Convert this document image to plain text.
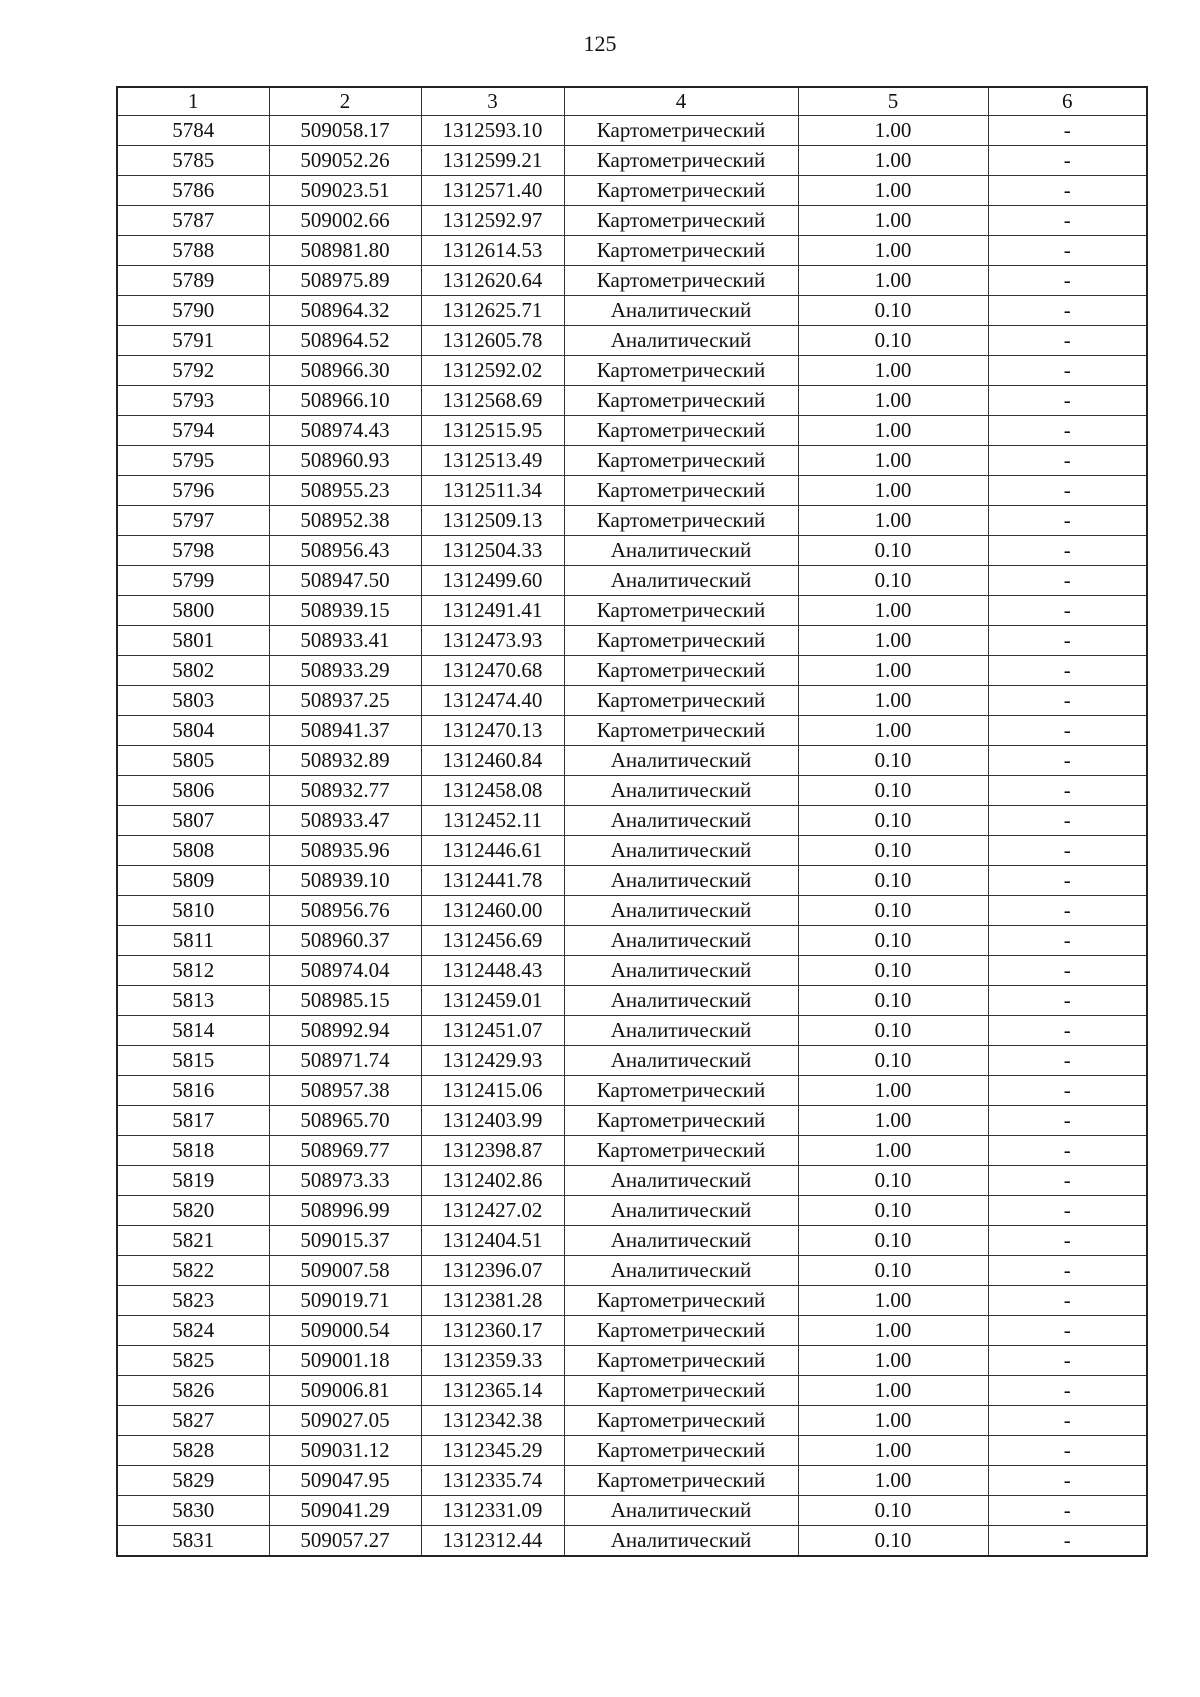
125
1	2	3	4	5	6
5784	509058.17	1312593.10	Картометрический	1.00	-
5785	509052.26	1312599.21	Картометрический	1.00	-
5786	509023.51	1312571.40	Картометрический	1.00	-
5787	509002.66	1312592.97	Картометрический	1.00	-
5788	508981.80	1312614.53	Картометрический	1.00	-
5789	508975.89	1312620.64	Картометрический	1.00	-
5790	508964.32	1312625.71	Аналитический	0.10	-
5791	508964.52	1312605.78	Аналитический	0.10	-
5792	508966.30	1312592.02	Картометрический	1.00	-
5793	508966.10	1312568.69	Картометрический	1.00	-
5794	508974.43	1312515.95	Картометрический	1.00	-
5795	508960.93	1312513.49	Картометрический	1.00	-
5796	508955.23	1312511.34	Картометрический	1.00	-
5797	508952.38	1312509.13	Картометрический	1.00	-
5798	508956.43	1312504.33	Аналитический	0.10	-
5799	508947.50	1312499.60	Аналитический	0.10	-
5800	508939.15	1312491.41	Картометрический	1.00	-
5801	508933.41	1312473.93	Картометрический	1.00	-
5802	508933.29	1312470.68	Картометрический	1.00	-
5803	508937.25	1312474.40	Картометрический	1.00	-
5804	508941.37	1312470.13	Картометрический	1.00	-
5805	508932.89	1312460.84	Аналитический	0.10	-
5806	508932.77	1312458.08	Аналитический	0.10	-
5807	508933.47	1312452.11	Аналитический	0.10	-
5808	508935.96	1312446.61	Аналитический	0.10	-
5809	508939.10	1312441.78	Аналитический	0.10	-
5810	508956.76	1312460.00	Аналитический	0.10	-
5811	508960.37	1312456.69	Аналитический	0.10	-
5812	508974.04	1312448.43	Аналитический	0.10	-
5813	508985.15	1312459.01	Аналитический	0.10	-
5814	508992.94	1312451.07	Аналитический	0.10	-
5815	508971.74	1312429.93	Аналитический	0.10	-
5816	508957.38	1312415.06	Картометрический	1.00	-
5817	508965.70	1312403.99	Картометрический	1.00	-
5818	508969.77	1312398.87	Картометрический	1.00	-
5819	508973.33	1312402.86	Аналитический	0.10	-
5820	508996.99	1312427.02	Аналитический	0.10	-
5821	509015.37	1312404.51	Аналитический	0.10	-
5822	509007.58	1312396.07	Аналитический	0.10	-
5823	509019.71	1312381.28	Картометрический	1.00	-
5824	509000.54	1312360.17	Картометрический	1.00	-
5825	509001.18	1312359.33	Картометрический	1.00	-
5826	509006.81	1312365.14	Картометрический	1.00	-
5827	509027.05	1312342.38	Картометрический	1.00	-
5828	509031.12	1312345.29	Картометрический	1.00	-
5829	509047.95	1312335.74	Картометрический	1.00	-
5830	509041.29	1312331.09	Аналитический	0.10	-
5831	509057.27	1312312.44	Аналитический	0.10	-
